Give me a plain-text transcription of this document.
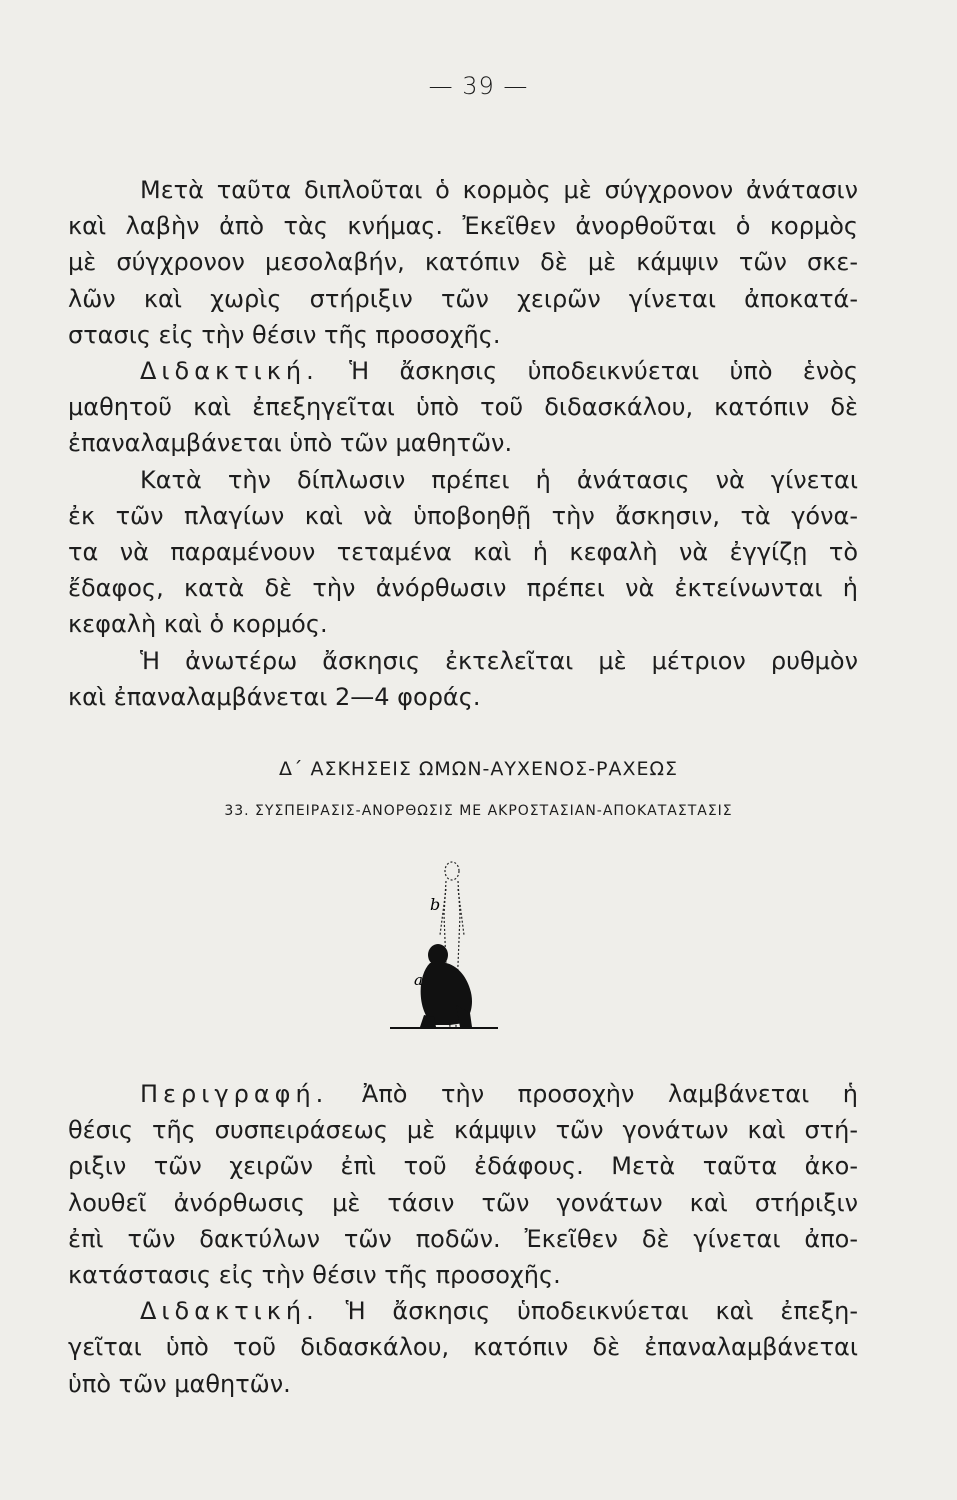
— 39 —
Μετὰ ταῦτα διπλοῦται ὁ κορμὸς μὲ σύγχρονον ἀνάτασιν
καὶ λαβὴν ἀπὸ τὰς κνήμας. Ἐκεῖθεν ἀνορθοῦται ὁ κορμὸς
μὲ σύγχρονον μεσολαβήν, κατόπιν δὲ μὲ κάμψιν τῶν σκε-
λῶν καὶ χωρὶς στήριξιν τῶν χειρῶν γίνεται ἀποκατά-
στασις εἰς τὴν θέσιν τῆς προσοχῆς.
Διδακτική. Ἡ ἄσκησις ὑποδεικνύεται ὑπὸ ἑνὸς
μαθητοῦ καὶ ἐπεξηγεῖται ὑπὸ τοῦ διδασκάλου, κατόπιν δὲ
ἐπαναλαμβάνεται ὑπὸ τῶν μαθητῶν.
Κατὰ τὴν δίπλωσιν πρέπει ἡ ἀνάτασις νὰ γίνεται
ἐκ τῶν πλαγίων καὶ νὰ ὑποβοηθῇ τὴν ἄσκησιν, τὰ γόνα-
τα νὰ παραμένουν τεταμένα καὶ ἡ κεφαλὴ νὰ ἐγγίζῃ τὸ
ἔδαφος, κατὰ δὲ τὴν ἀνόρθωσιν πρέπει νὰ ἐκτείνωνται ἡ
κεφαλὴ καὶ ὁ κορμός.
Ἡ ἀνωτέρω ἄσκησις ἐκτελεῖται μὲ μέτριον ρυθμὸν
καὶ ἐπαναλαμβάνεται 2—4 φοράς.
Δ΄ ΑΣΚΗΣΕΙΣ ΩΜΩΝ-ΑΥΧΕΝΟΣ-ΡΑΧΕΩΣ
33. ΣΥΣΠΕΙΡΑΣΙΣ-ΑΝΟΡΘΩΣΙΣ ΜΕ ΑΚΡΟΣΤΑΣΙΑΝ-ΑΠΟΚΑΤΑΣΤΑΣΙΣ
b
a
Περιγραφή. Ἀπὸ τὴν προσοχὴν λαμβάνεται ἡ
θέσις τῆς συσπειράσεως μὲ κάμψιν τῶν γονάτων καὶ στή-
ριξιν τῶν χειρῶν ἐπὶ τοῦ ἐδάφους. Μετὰ ταῦτα ἀκο-
λουθεῖ ἀνόρθωσις μὲ τάσιν τῶν γονάτων καὶ στήριξιν
ἐπὶ τῶν δακτύλων τῶν ποδῶν. Ἐκεῖθεν δὲ γίνεται ἀπο-
κατάστασις εἰς τὴν θέσιν τῆς προσοχῆς.
Διδακτική. Ἡ ἄσκησις ὑποδεικνύεται καὶ ἐπεξη-
γεῖται ὑπὸ τοῦ διδασκάλου, κατόπιν δὲ ἐπαναλαμβάνεται
ὑπὸ τῶν μαθητῶν.
